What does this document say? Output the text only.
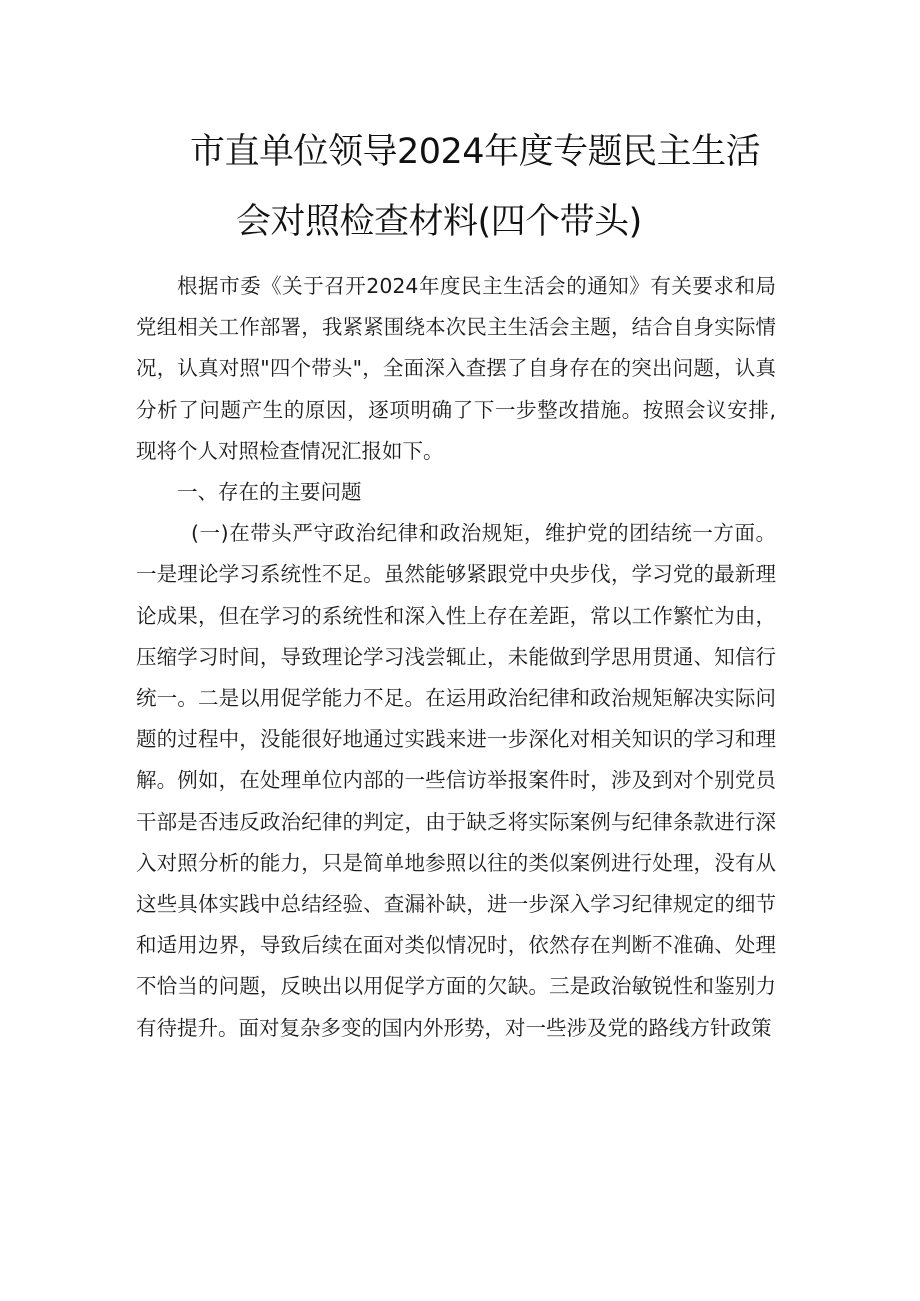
市直单位领导2024年度专题民主生活
会对照检查材料(四个带头)

根据市委《关于召开2024年度民主生活会的通知》有关要求和局党组相关工作部署，我紧紧围绕本次民主生活会主题，结合自身实际情况，认真对照"四个带头"，全面深入查摆了自身存在的突出问题，认真分析了问题产生的原因，逐项明确了下一步整改措施。按照会议安排,现将个人对照检查情况汇报如下。

一、存在的主要问题

(一)在带头严守政治纪律和政治规矩，维护党的团结统一方面。一是理论学习系统性不足。虽然能够紧跟党中央步伐，学习党的最新理论成果，但在学习的系统性和深入性上存在差距，常以工作繁忙为由，压缩学习时间，导致理论学习浅尝辄止，未能做到学思用贯通、知信行统一。二是以用促学能力不足。在运用政治纪律和政治规矩解决实际问题的过程中，没能很好地通过实践来进一步深化对相关知识的学习和理解。例如，在处理单位内部的一些信访举报案件时，涉及到对个别党员干部是否违反政治纪律的判定，由于缺乏将实际案例与纪律条款进行深入对照分析的能力，只是简单地参照以往的类似案例进行处理，没有从这些具体实践中总结经验、查漏补缺，进一步深入学习纪律规定的细节和适用边界，导致后续在面对类似情况时，依然存在判断不准确、处理不恰当的问题，反映出以用促学方面的欠缺。三是政治敏锐性和鉴别力有待提升。面对复杂多变的国内外形势，对一些涉及党的路线方针政策
